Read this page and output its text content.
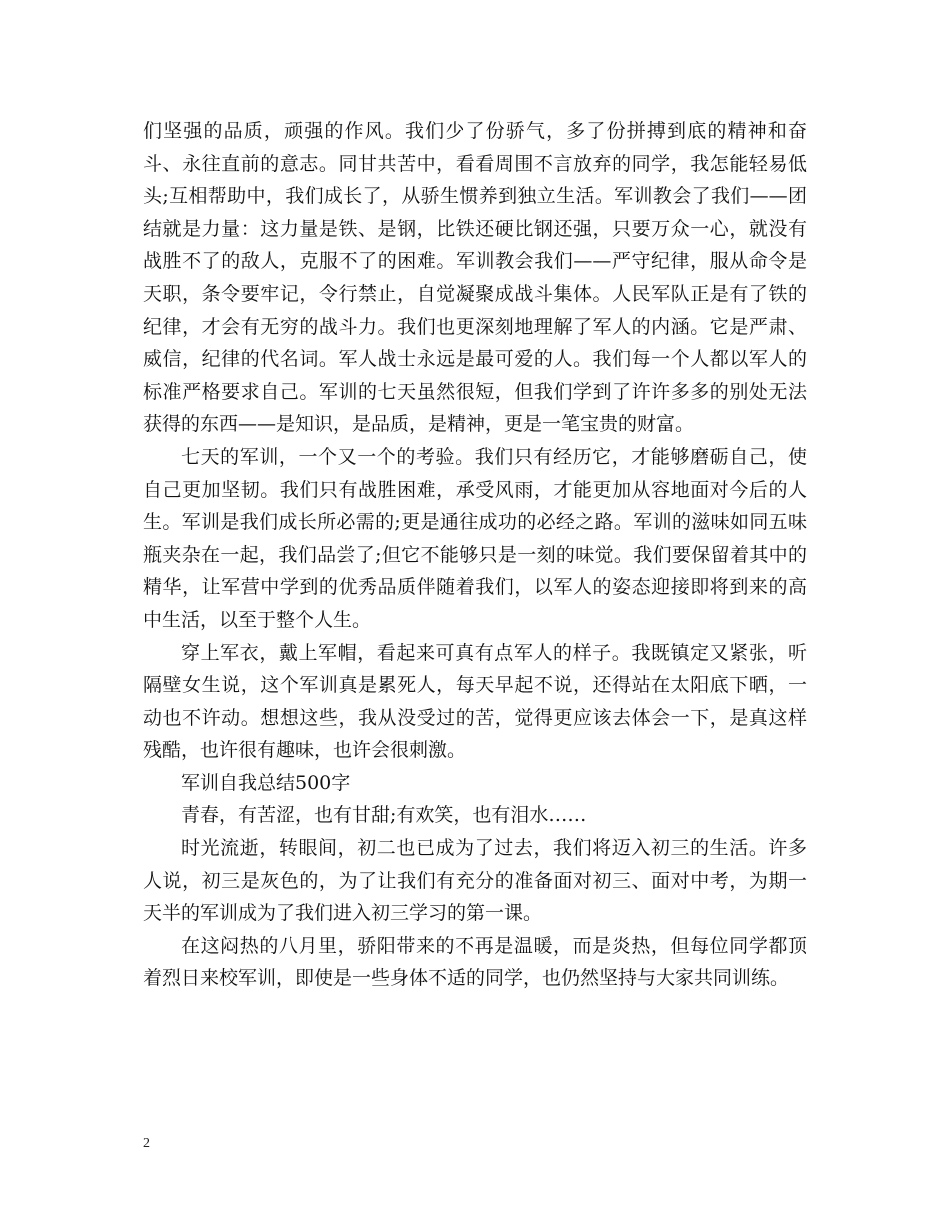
们坚强的品质，顽强的作风。我们少了份骄气，多了份拼搏到底的精神和奋斗、永往直前的意志。同甘共苦中，看看周围不言放弃的同学，我怎能轻易低头;互相帮助中，我们成长了，从骄生惯养到独立生活。军训教会了我们——团结就是力量：这力量是铁、是钢，比铁还硬比钢还强，只要万众一心，就没有战胜不了的敌人，克服不了的困难。军训教会我们——严守纪律，服从命令是天职，条令要牢记，令行禁止，自觉凝聚成战斗集体。人民军队正是有了铁的纪律，才会有无穷的战斗力。我们也更深刻地理解了军人的内涵。它是严肃、威信，纪律的代名词。军人战士永远是最可爱的人。我们每一个人都以军人的标准严格要求自己。军训的七天虽然很短，但我们学到了许许多多的别处无法获得的东西——是知识，是品质，是精神，更是一笔宝贵的财富。

七天的军训，一个又一个的考验。我们只有经历它，才能够磨砺自己，使自己更加坚韧。我们只有战胜困难，承受风雨，才能更加从容地面对今后的人生。军训是我们成长所必需的;更是通往成功的必经之路。军训的滋味如同五味瓶夹杂在一起，我们品尝了;但它不能够只是一刻的味觉。我们要保留着其中的精华，让军营中学到的优秀品质伴随着我们，以军人的姿态迎接即将到来的高中生活，以至于整个人生。

穿上军衣，戴上军帽，看起来可真有点军人的样子。我既镇定又紧张，听隔壁女生说，这个军训真是累死人，每天早起不说，还得站在太阳底下晒，一动也不许动。想想这些，我从没受过的苦，觉得更应该去体会一下，是真这样残酷，也许很有趣味，也许会很刺激。

军训自我总结500字

青春，有苦涩，也有甘甜;有欢笑，也有泪水……

时光流逝，转眼间，初二也已成为了过去，我们将迈入初三的生活。许多人说，初三是灰色的，为了让我们有充分的准备面对初三、面对中考，为期一天半的军训成为了我们进入初三学习的第一课。

在这闷热的八月里，骄阳带来的不再是温暖，而是炎热，但每位同学都顶着烈日来校军训，即使是一些身体不适的同学，也仍然坚持与大家共同训练。

2
